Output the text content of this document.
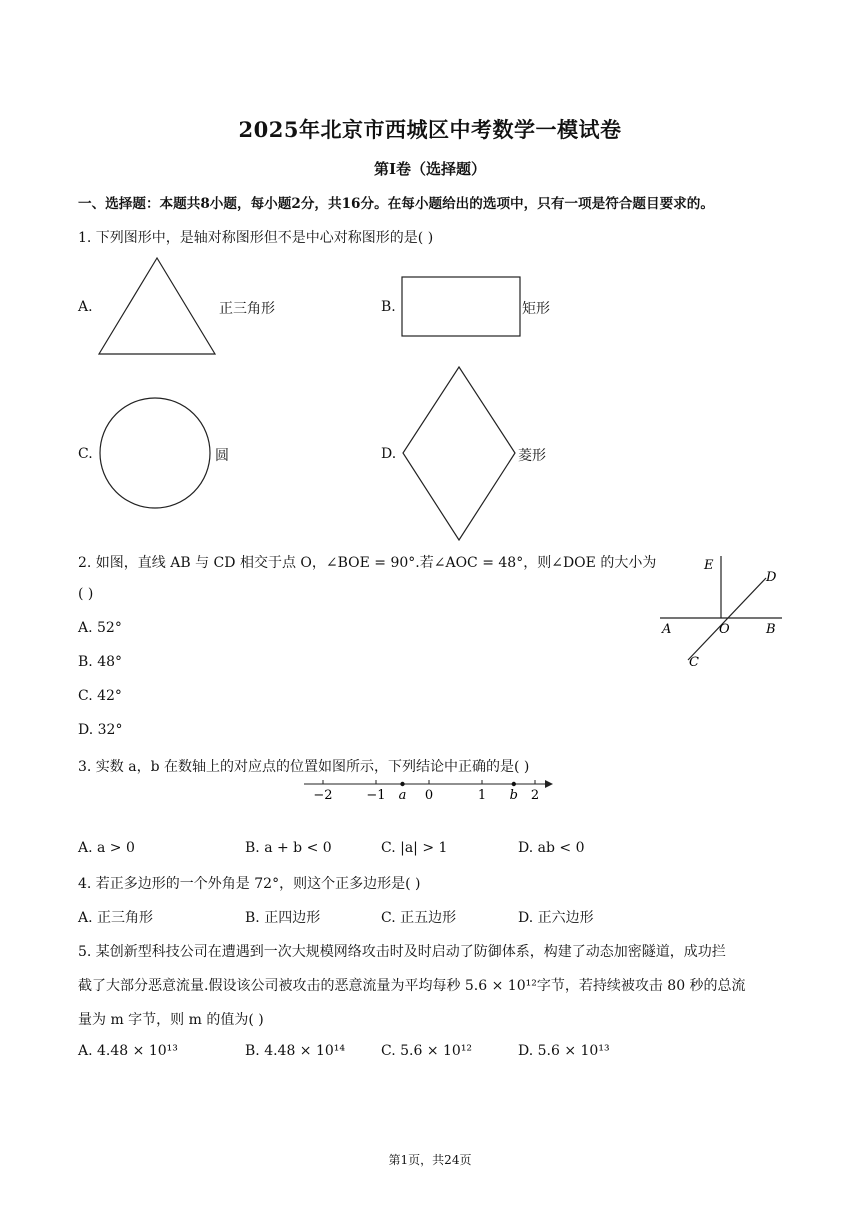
2025年北京市西城区中考数学一模试卷
第Ⅰ卷（选择题）
一、选择题：本题共8小题，每小题2分，共16分。在每小题给出的选项中，只有一项是符合题目要求的。
1. 下列图形中，是轴对称图形但不是中心对称图形的是( )
A.	正三角形	B.	矩形
C.	圆	D.	菱形
2. 如图，直线 AB 与 CD 相交于点 O，∠BOE = 90°.若∠AOC = 48°，则∠DOE 的大小为
( )
A. 52°
B. 48°
C. 42°
D. 32°
E
D
A	O	B
C
3. 实数 a，b 在数轴上的对应点的位置如图所示，下列结论中正确的是( )
−2	−1	0	1	2
a	b
A. a > 0	B. a + b < 0	C. |a| > 1	D. ab < 0
4. 若正多边形的一个外角是 72°，则这个正多边形是( )
A. 正三角形	B. 正四边形	C. 正五边形	D. 正六边形
5. 某创新型科技公司在遭遇到一次大规模网络攻击时及时启动了防御体系，构建了动态加密隧道，成功拦
截了大部分恶意流量.假设该公司被攻击的恶意流量为平均每秒 5.6 × 10¹²字节，若持续被攻击 80 秒的总流
量为 m 字节，则 m 的值为( )
A. 4.48 × 10¹³	B. 4.48 × 10¹⁴	C. 5.6 × 10¹²	D. 5.6 × 10¹³
第1页，共24页
